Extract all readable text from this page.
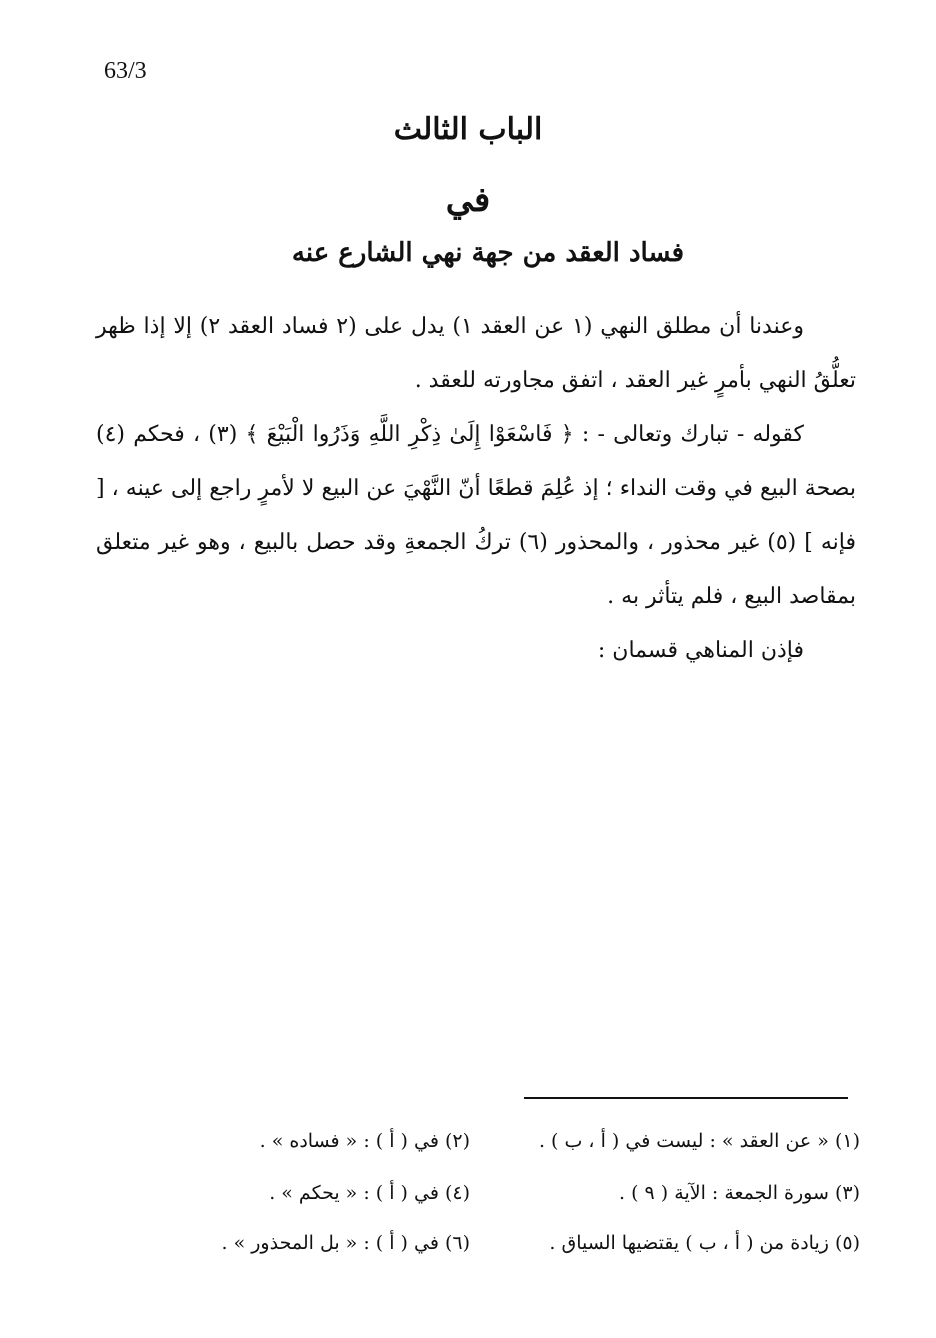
63/3
الباب الثالث
في
فساد العقد من جهة نهي الشارع عنه

وعندنا أن مطلق النهي (١ عن العقد ١) يدل على (٢ فساد العقد ٢) إلا إذا ظهر تعلُّقُ النهي بأمرٍ غير العقد ، اتفق مجاورته للعقد .

كقوله - تبارك وتعالى - : ﴿ فَاسْعَوْا إِلَىٰ ذِكْرِ اللَّهِ وَذَرُوا الْبَيْعَ ﴾ (٣) ، فحكم (٤) بصحة البيع في وقت النداء ؛ إذ عُلِمَ قطعًا أنّ النَّهْيَ عن البيع لا لأمرٍ راجع إلى عينه ، [ فإنه ] (٥) غير محذور ، والمحذور (٦) تركُ الجمعةِ وقد حصل بالبيع ، وهو غير متعلق بمقاصد البيع ، فلم يتأثر به .

فإذن المناهي قسمان :

(١) « عن العقد » : ليست في ( أ ، ب ) .
(٢) في ( أ ) : « فساده » .
(٣) سورة الجمعة : الآية ( ٩ ) .
(٤) في ( أ ) : « يحكم » .
(٥) زيادة من ( أ ، ب ) يقتضيها السياق .
(٦) في ( أ ) : « بل المحذور » .
